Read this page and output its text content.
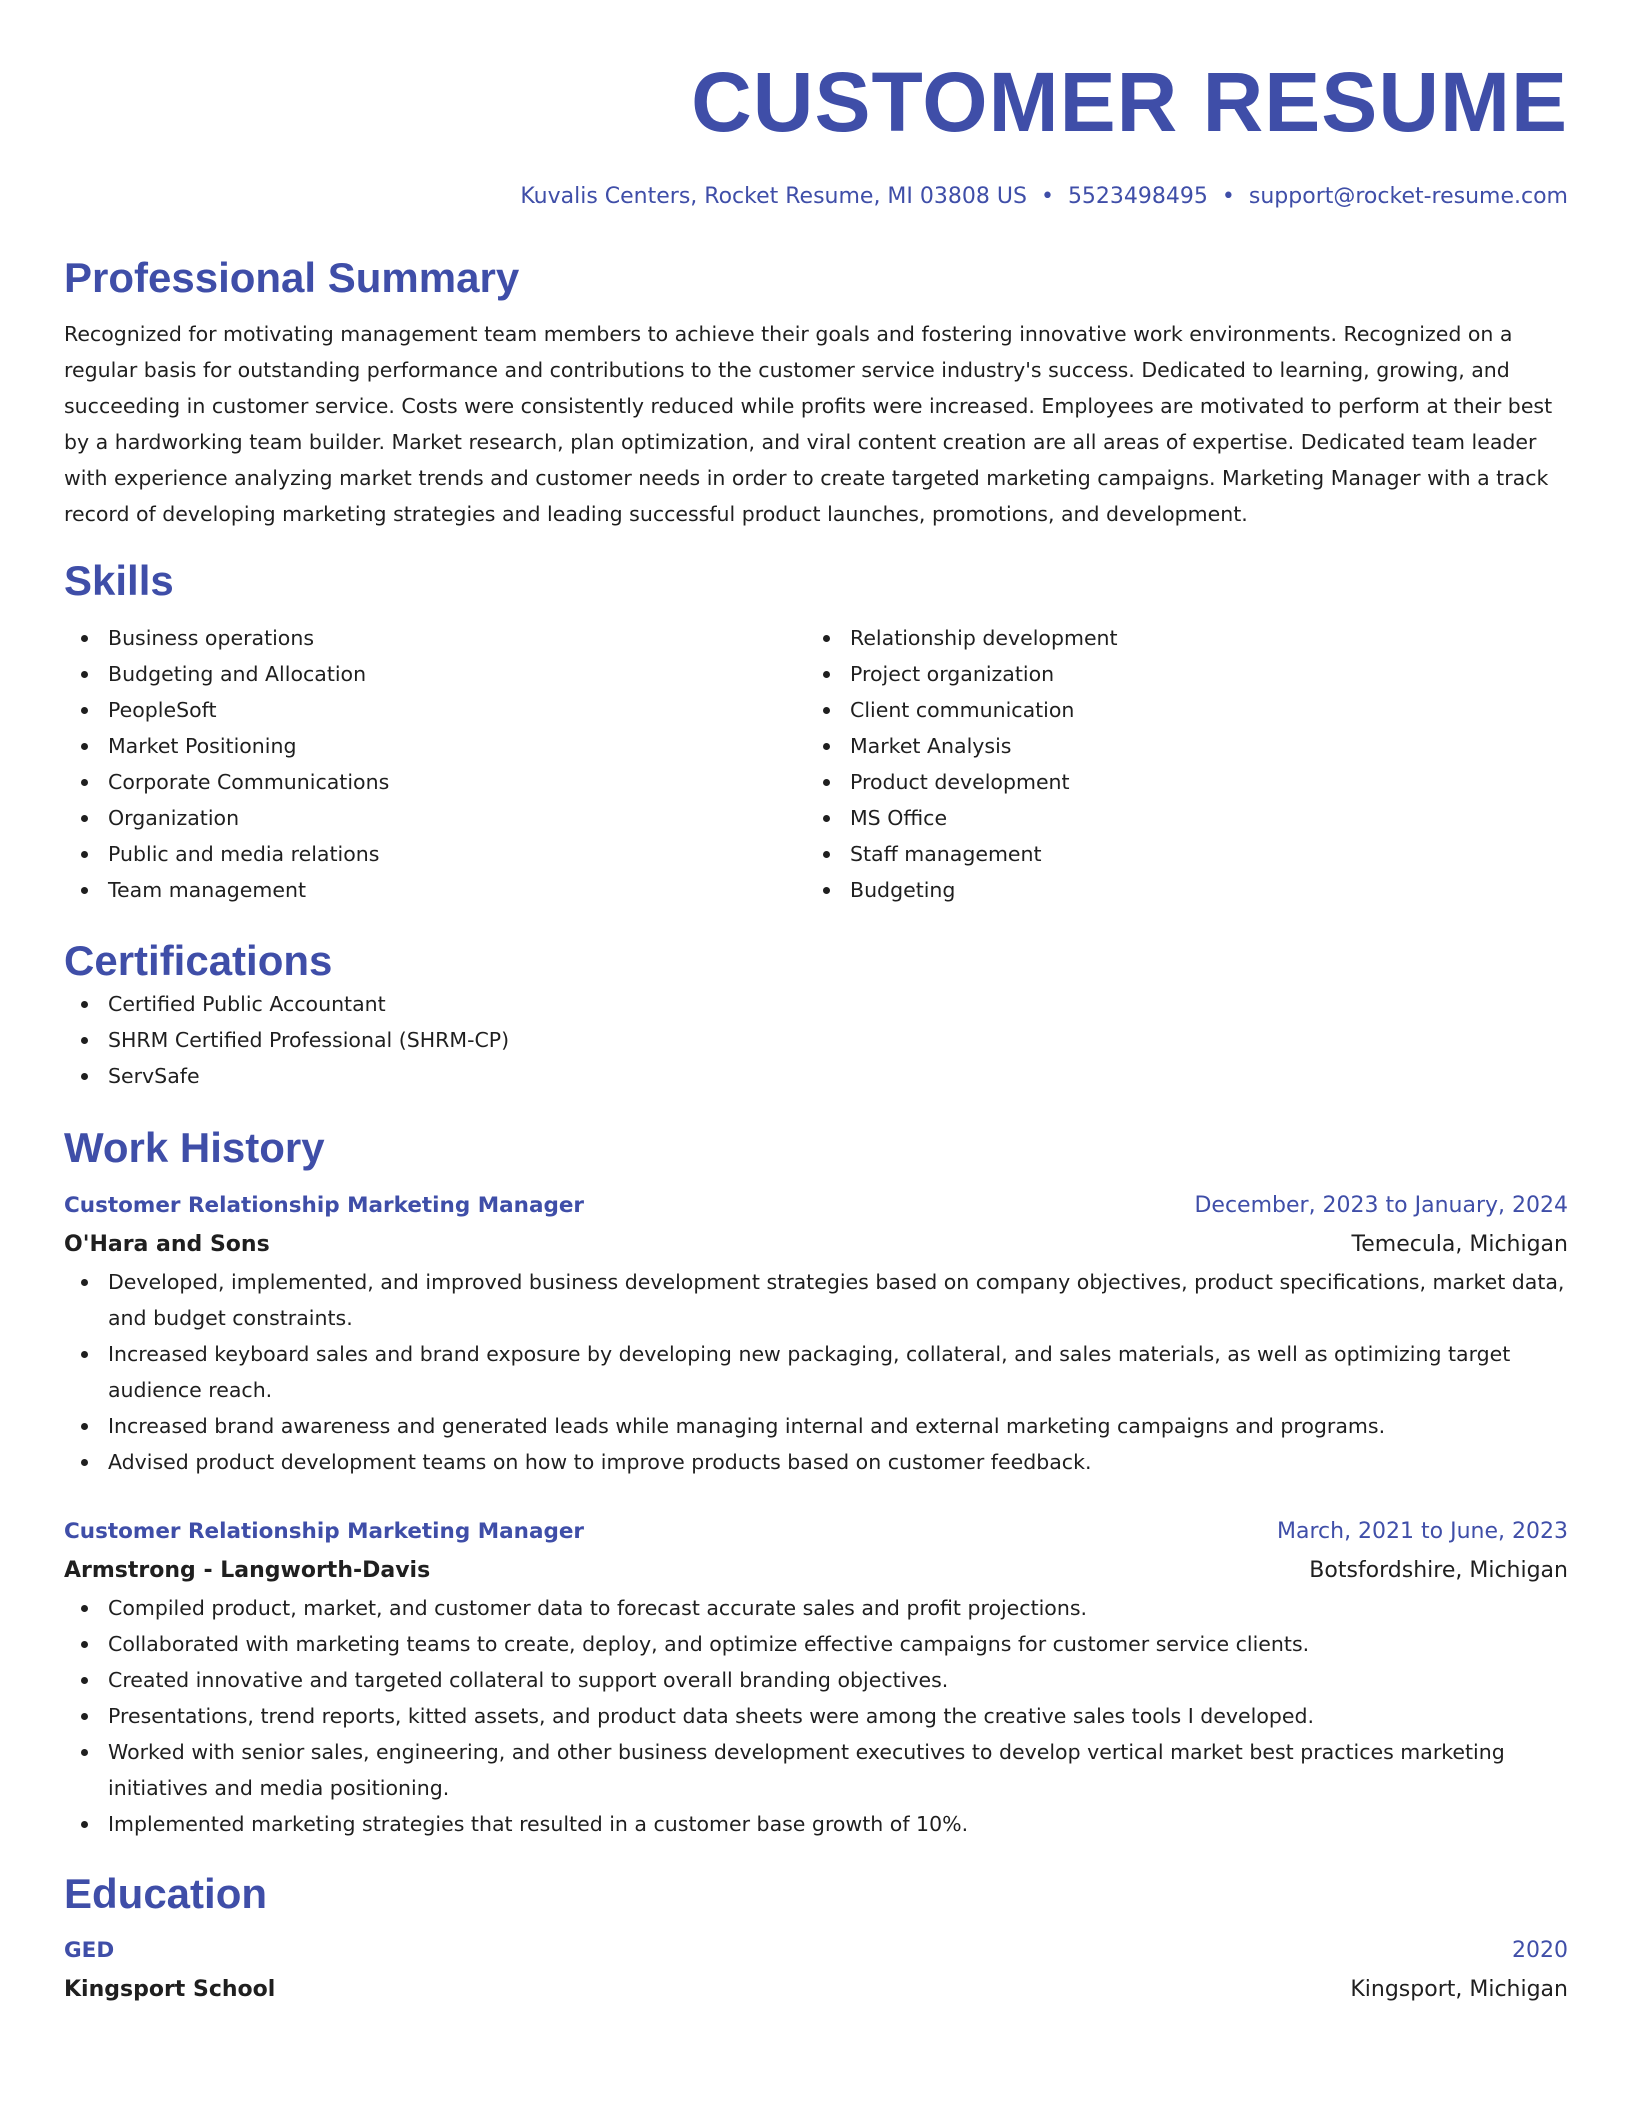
CUSTOMER RESUME
Kuvalis Centers, Rocket Resume, MI 03808 US • 5523498495 • support@rocket-resume.com
Professional Summary

Recognized for motivating management team members to achieve their goals and fostering innovative work environments. Recognized on a regular basis for outstanding performance and contributions to the customer service industry's success. Dedicated to learning, growing, and succeeding in customer service. Costs were consistently reduced while profits were increased. Employees are motivated to perform at their best by a hardworking team builder. Market research, plan optimization, and viral content creation are all areas of expertise. Dedicated team leader with experience analyzing market trends and customer needs in order to create targeted marketing campaigns. Marketing Manager with a track record of developing marketing strategies and leading successful product launches, promotions, and development.

Skills
Business operations
Budgeting and Allocation
PeopleSoft
Market Positioning
Corporate Communications
Organization
Public and media relations
Team management
Relationship development
Project organization
Client communication
Market Analysis
Product development
MS Office
Staff management
Budgeting
Certifications
Certified Public Accountant
SHRM Certified Professional (SHRM-CP)
ServSafe
Work History
Customer Relationship Marketing Manager	December, 2023 to January, 2024
O'Hara and Sons	Temecula, Michigan
Developed, implemented, and improved business development strategies based on company objectives, product specifications, market data, and budget constraints.
Increased keyboard sales and brand exposure by developing new packaging, collateral, and sales materials, as well as optimizing target audience reach.
Increased brand awareness and generated leads while managing internal and external marketing campaigns and programs.
Advised product development teams on how to improve products based on customer feedback.
Customer Relationship Marketing Manager	March, 2021 to June, 2023
Armstrong - Langworth-Davis	Botsfordshire, Michigan
Compiled product, market, and customer data to forecast accurate sales and profit projections.
Collaborated with marketing teams to create, deploy, and optimize effective campaigns for customer service clients.
Created innovative and targeted collateral to support overall branding objectives.
Presentations, trend reports, kitted assets, and product data sheets were among the creative sales tools I developed.
Worked with senior sales, engineering, and other business development executives to develop vertical market best practices marketing initiatives and media positioning.
Implemented marketing strategies that resulted in a customer base growth of 10%.
Education
GED	2020
Kingsport School	Kingsport, Michigan
